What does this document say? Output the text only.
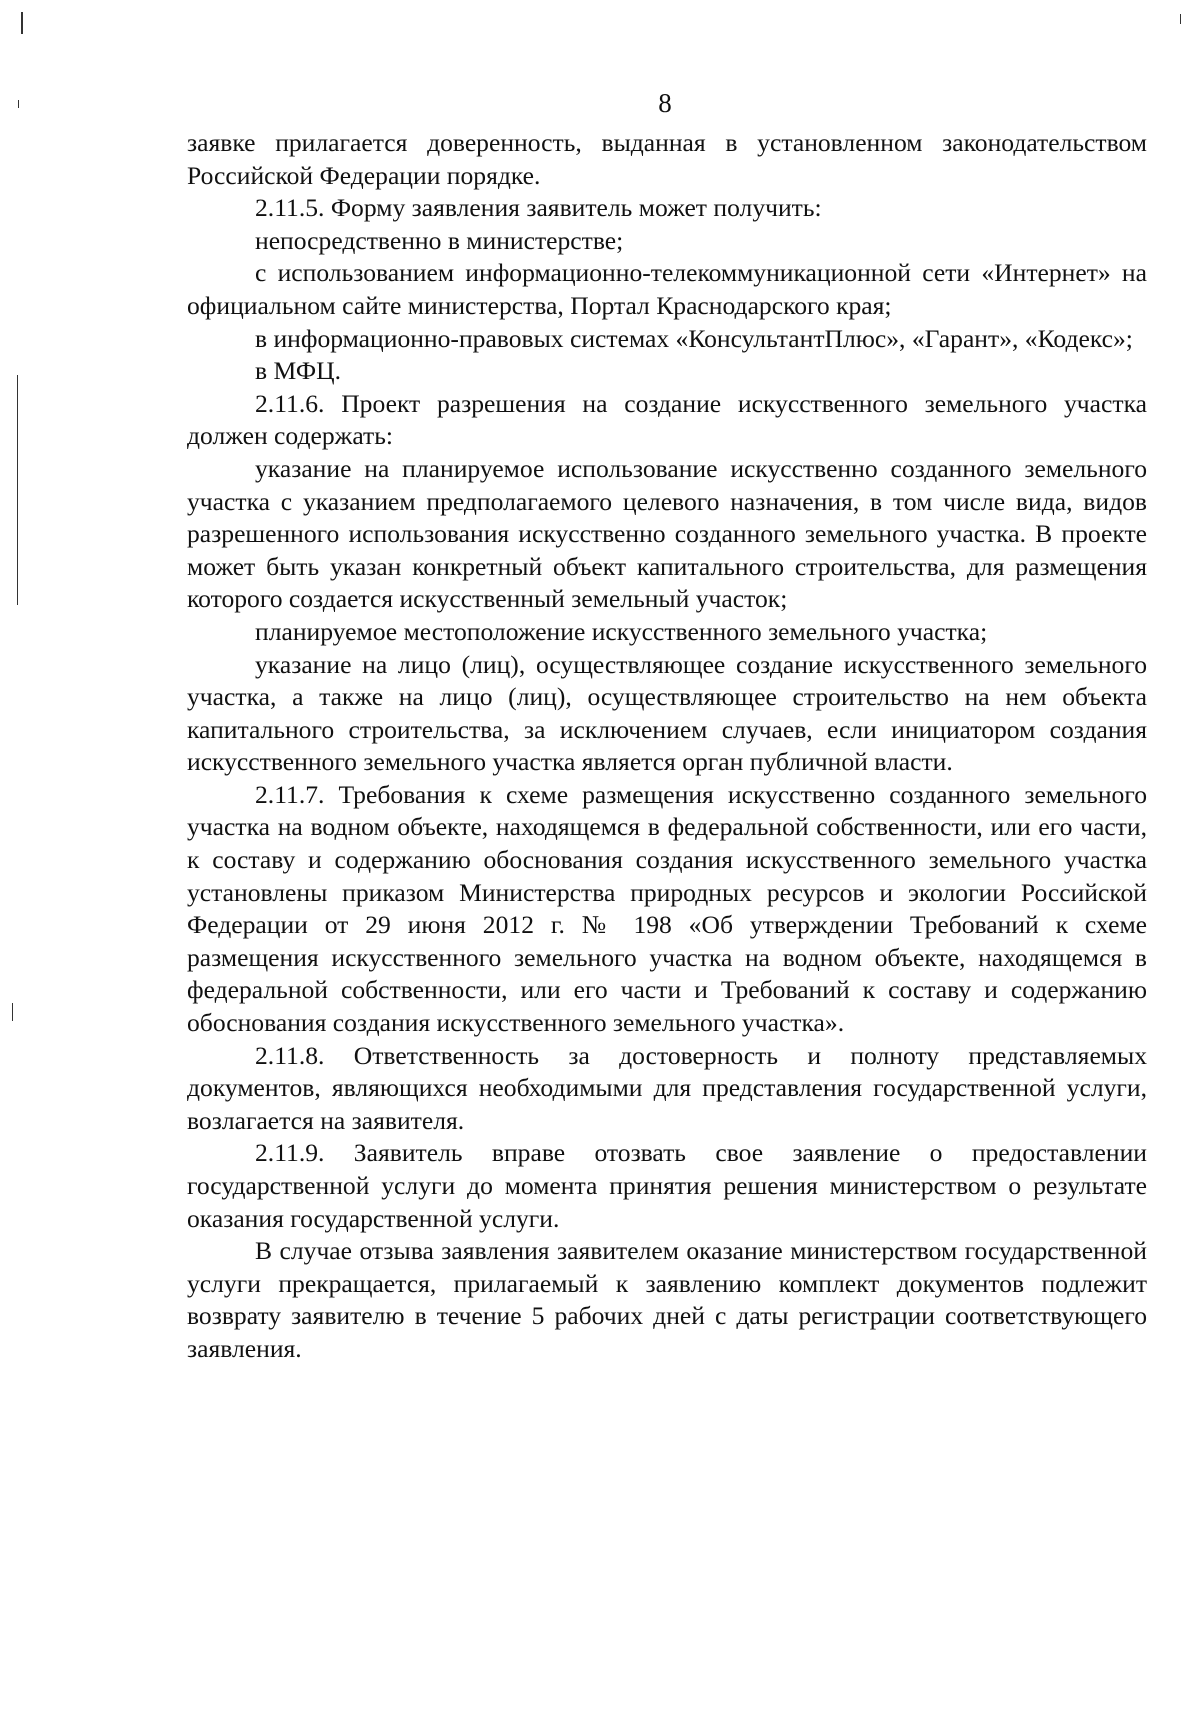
8

заявке прилагается доверенность, выданная в установленном законодательством Российской Федерации порядке.

2.11.5. Форму заявления заявитель может получить:

непосредственно в министерстве;

с использованием информационно-телекоммуникационной сети «Интернет» на официальном сайте министерства, Портал Краснодарского края;

в информационно-правовых системах «КонсультантПлюс», «Гарант», «Кодекс»;

в МФЦ.

2.11.6. Проект разрешения на создание искусственного земельного участка должен содержать:

указание на планируемое использование искусственно созданного земельного участка с указанием предполагаемого целевого назначения, в том числе вида, видов разрешенного использования искусственно созданного земельного участка. В проекте может быть указан конкретный объект капитального строительства, для размещения которого создается искусственный земельный участок;

планируемое местоположение искусственного земельного участка;

указание на лицо (лиц), осуществляющее создание искусственного земельного участка, а также на лицо (лиц), осуществляющее строительство на нем объекта капитального строительства, за исключением случаев, если инициатором создания искусственного земельного участка является орган публичной власти.

2.11.7. Требования к схеме размещения искусственно созданного земельного участка на водном объекте, находящемся в федеральной собственности, или его части, к составу и содержанию обоснования создания искусственного земельного участка установлены приказом Министерства природных ресурсов и экологии Российской Федерации от 29 июня 2012 г. № 198 «Об утверждении Требований к схеме размещения искусственного земельного участка на водном объекте, находящемся в федеральной собственности, или его части и Требований к составу и содержанию обоснования создания искусственного земельного участка».

2.11.8. Ответственность за достоверность и полноту представляемых документов, являющихся необходимыми для представления государственной услуги, возлагается на заявителя.

2.11.9. Заявитель вправе отозвать свое заявление о предоставлении государственной услуги до момента принятия решения министерством о результате оказания государственной услуги.

В случае отзыва заявления заявителем оказание министерством государственной услуги прекращается, прилагаемый к заявлению комплект документов подлежит возврату заявителю в течение 5 рабочих дней с даты регистрации соответствующего заявления.
